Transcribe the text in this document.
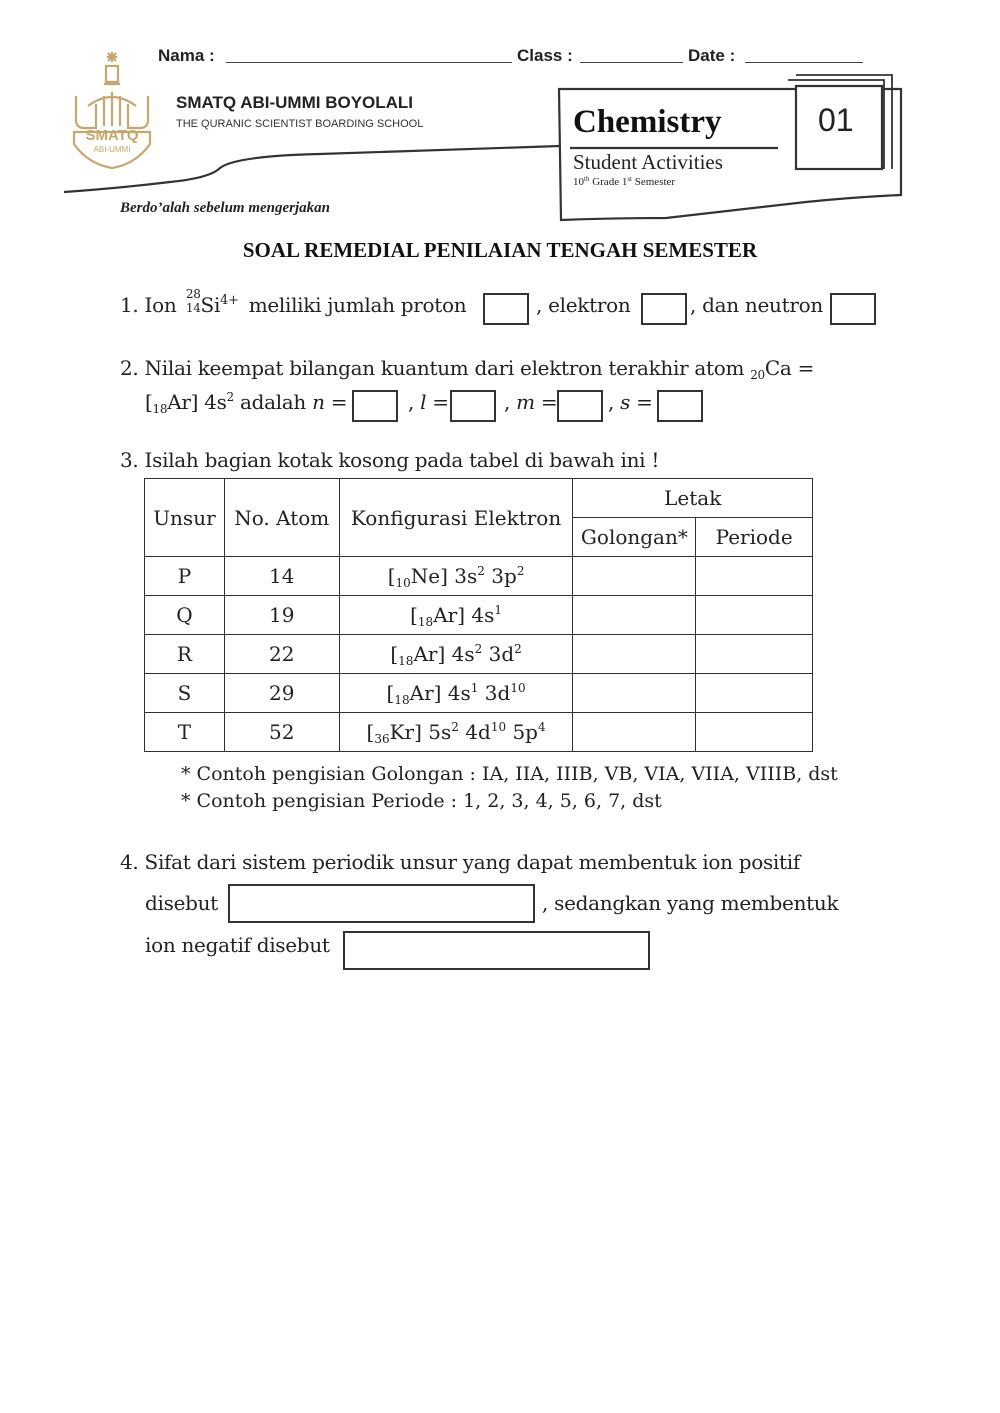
Nama :	Class :	Date :
SMATQ
ABI-UMMI
SMATQ ABI-UMMI BOYOLALI
THE QURANIC SCIENTIST BOARDING SCHOOL	Chemistry	01
Student Activities
10th Grade 1st Semester
Berdo’alah sebelum mengerjakan
SOAL REMEDIAL PENILAIAN TENGAH SEMESTER
1. Ion 28
14 $Si^{4+}$ meliliki jumlah proton	, elektron	, dan neutron
2. Nilai keempat bilangan kuantum dari elektron terakhir atom $_{20}$Ca =
$[_{18}Ar]$ $4s^2$ adalah n =	, l =	, m =	, s =
3. Isilah bagian kotak kosong pada tabel di bawah ini !
Unsur	No. Atom	Konfigurasi Elektron	Letak	
			Golongan*	Periode
P	14	$[_{10}Ne]$ $3s^2$ $3p^2$		
Q	19	$[_{18}Ar]$ $4s^1$		
R	22	$[_{18}Ar]$ $4s^2$ $3d^2$		
S	29	$[_{18}Ar]$ $4s^1$ $3d^{10}$		
T	52	$[_{36}Kr]$ $5s^2$ $4d^{10}$ $5p^4$		
* Contoh pengisian Golongan : IA, IIA, IIIB, VB, VIA, VIIA, VIIIB, dst
* Contoh pengisian Periode : 1, 2, 3, 4, 5, 6, 7, dst
4. Sifat dari sistem periodik unsur yang dapat membentuk ion positif
disebut	, sedangkan yang membentuk
ion negatif disebut
